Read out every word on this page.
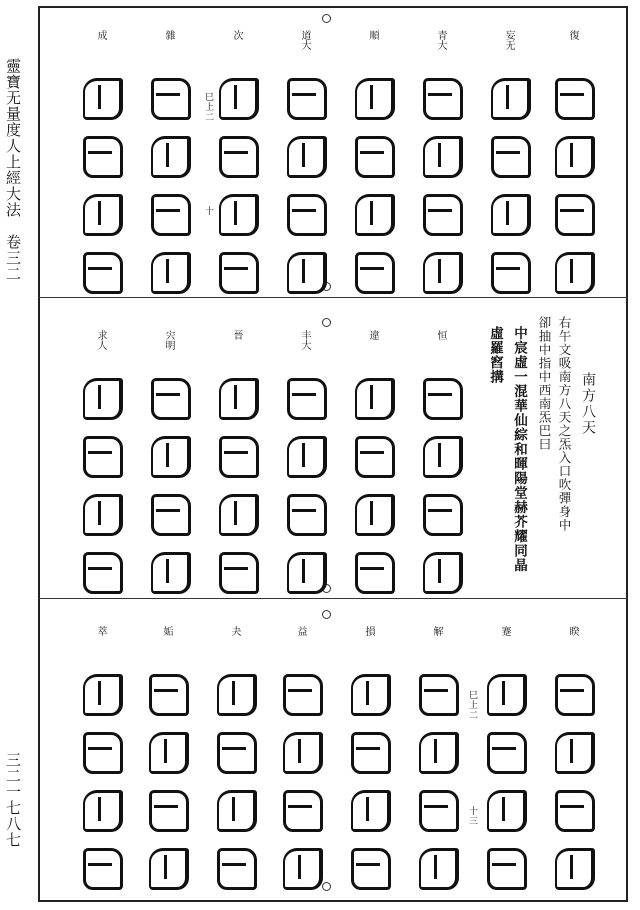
靈寶无量度人上經大法 卷三二
三二一七八七
復
妄无
青大
順
道大
次
雜
成
巳上二
十
南方八天
右午文吸南方八天之炁入口吹彈身中
卻抽中指中西南炁巴曰
中宸虛一混華仙綜和暉陽堂赫芥耀同晶
虛羅窞搆
恒
違
丰大
晉
宍明
求人
睽
蹇
解
損
益
夬
姤
萃
巳上二
十三
